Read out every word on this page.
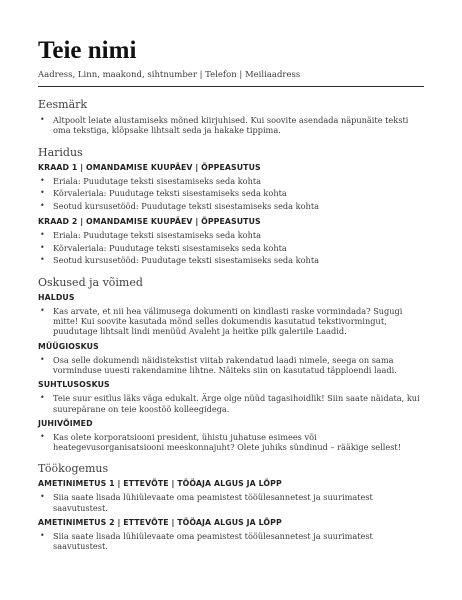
Teie nimi
Aadress, Linn, maakond, sihtnumber | Telefon | Meiliaadress
Eesmärk
• Altpoolt leiate alustamiseks mõned kiirjuhised. Kui soovite asendada näpunäite teksti oma tekstiga, klõpsake lihtsalt seda ja hakake tippima.
Haridus
KRAAD 1 | OMANDAMISE KUUPÄEV | ÕPPEASUTUS
• Eriala: Puudutage teksti sisestamiseks seda kohta
• Kõrvaleriala: Puudutage teksti sisestamiseks seda kohta
• Seotud kursusetööd: Puudutage teksti sisestamiseks seda kohta
KRAAD 2 | OMANDAMISE KUUPÄEV | ÕPPEASUTUS
• Eriala: Puudutage teksti sisestamiseks seda kohta
• Kõrvaleriala: Puudutage teksti sisestamiseks seda kohta
• Seotud kursusetööd: Puudutage teksti sisestamiseks seda kohta
Oskused ja võimed
HALDUS
• Kas arvate, et nii hea välimusega dokumenti on kindlasti raske vormindada? Sugugi mitte! Kui soovite kasutada mõnd selles dokumendis kasutatud tekstivormingut, puudutage lihtsalt lindi menüüd Avaleht ja heitke pilk galeriile Laadid.
MÜÜGIOSKUS
• Osa selle dokumendi näidistekstist viitab rakendatud laadi nimele, seega on sama vorminduse uuesti rakendamine lihtne. Näiteks siin on kasutatud täpploendi laadi.
SUHTLUSOSKUS
• Teie suur esitlus läks väga edukalt. Ärge olge nüüd tagasihoidlik! Siin saate näidata, kui suurepärane on teie koostöö kolleegidega.
JUHIVÕIMED
• Kas olete korporatsiooni president, ühistu juhatuse esimees või heategevusorganisatsiooni meeskonnajuht? Olete juhiks sündinud – rääkige sellest!
Töökogemus
AMETINIMETUS 1 | ETTEVÕTE | TÖÖAJA ALGUS JA LÕPP
• Siia saate lisada lühiülevaate oma peamistest tööülesannetest ja suurimatest saavutustest.
AMETINIMETUS 2 | ETTEVÕTE | TÖÖAJA ALGUS JA LÕPP
• Siia saate lisada lühiülevaate oma peamistest tööülesannetest ja suurimatest saavutustest.
